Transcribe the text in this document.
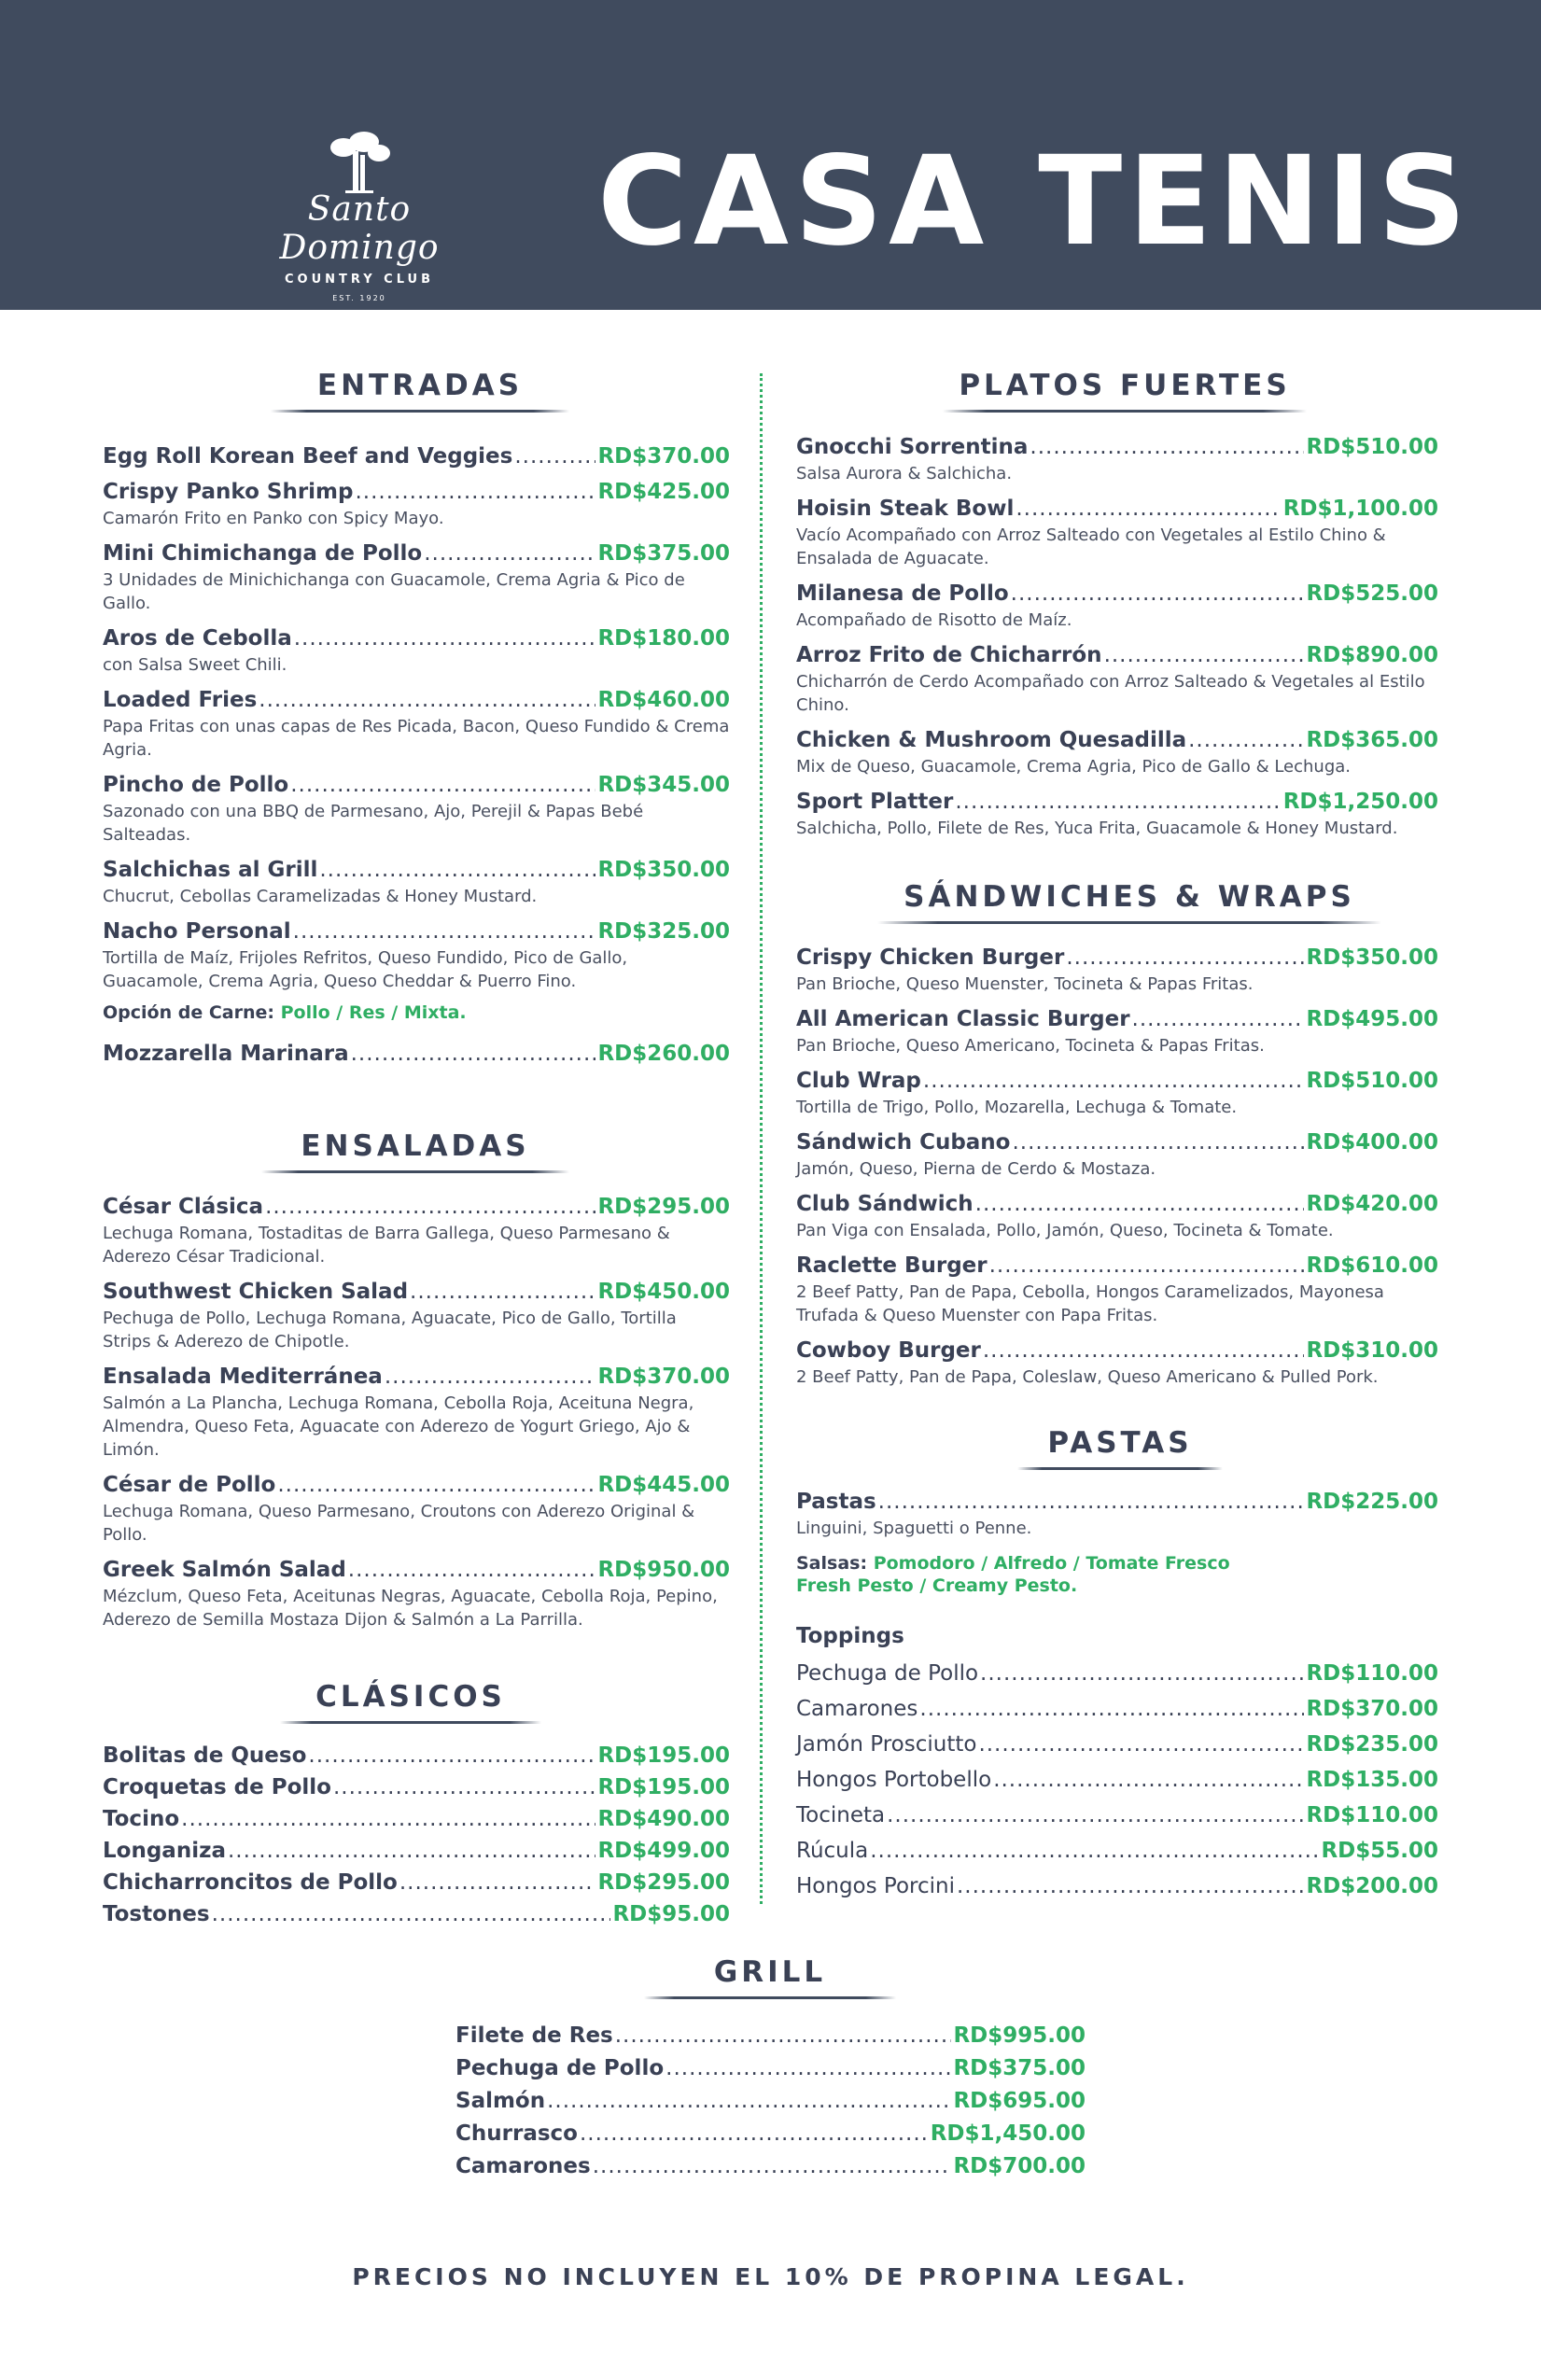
Santo Domingo
COUNTRY CLUB
EST. 1920
CASA TENIS
ENTRADAS
Egg Roll Korean Beef and Veggies .....	RD$370.00
Crispy Panko Shrimp .....	RD$425.00
Camarón Frito en Panko con Spicy Mayo.
Mini Chimichanga de Pollo .....	RD$375.00
3 Unidades de Minichichanga con Guacamole, Crema Agria & Pico de Gallo.
Aros de Cebolla .....	RD$180.00
con Salsa Sweet Chili.
Loaded Fries .....	RD$460.00
Papa Fritas con unas capas de Res Picada, Bacon, Queso Fundido & Crema Agria.
Pincho de Pollo .....	RD$345.00
Sazonado con una BBQ de Parmesano, Ajo, Perejil & Papas Bebé Salteadas.
Salchichas al Grill .....	RD$350.00
Chucrut, Cebollas Caramelizadas & Honey Mustard.
Nacho Personal .....	RD$325.00
Tortilla de Maíz, Frijoles Refritos, Queso Fundido, Pico de Gallo, Guacamole, Crema Agria, Queso Cheddar & Puerro Fino.
Opción de Carne: Pollo / Res / Mixta.
Mozzarella Marinara .....	RD$260.00
ENSALADAS
César Clásica .....	RD$295.00
Lechuga Romana, Tostaditas de Barra Gallega, Queso Parmesano & Aderezo César Tradicional.
Southwest Chicken Salad .....	RD$450.00
Pechuga de Pollo, Lechuga Romana, Aguacate, Pico de Gallo, Tortilla Strips & Aderezo de Chipotle.
Ensalada Mediterránea .....	RD$370.00
Salmón a La Plancha, Lechuga Romana, Cebolla Roja, Aceituna Negra, Almendra, Queso Feta, Aguacate con Aderezo de Yogurt Griego, Ajo & Limón.
César de Pollo .....	RD$445.00
Lechuga Romana, Queso Parmesano, Croutons con Aderezo Original & Pollo.
Greek Salmón Salad .....	RD$950.00
Mézclum, Queso Feta, Aceitunas Negras, Aguacate, Cebolla Roja, Pepino, Aderezo de Semilla Mostaza Dijon & Salmón a La Parrilla.
CLÁSICOS
Bolitas de Queso .....	RD$195.00
Croquetas de Pollo .....	RD$195.00
Tocino .....	RD$490.00
Longaniza .....	RD$499.00
Chicharroncitos de Pollo .....	RD$295.00
Tostones .....	RD$95.00
PLATOS FUERTES
Gnocchi Sorrentina .....	RD$510.00
Salsa Aurora & Salchicha.
Hoisin Steak Bowl .....	RD$1,100.00
Vacío Acompañado con Arroz Salteado con Vegetales al Estilo Chino & Ensalada de Aguacate.
Milanesa de Pollo .....	RD$525.00
Acompañado de Risotto de Maíz.
Arroz Frito de Chicharrón .....	RD$890.00
Chicharrón de Cerdo Acompañado con Arroz Salteado & Vegetales al Estilo Chino.
Chicken & Mushroom Quesadilla .....	RD$365.00
Mix de Queso, Guacamole, Crema Agria, Pico de Gallo & Lechuga.
Sport Platter .....	RD$1,250.00
Salchicha, Pollo, Filete de Res, Yuca Frita, Guacamole & Honey Mustard.
SÁNDWICHES & WRAPS
Crispy Chicken Burger .....	RD$350.00
Pan Brioche, Queso Muenster, Tocineta & Papas Fritas.
All American Classic Burger .....	RD$495.00
Pan Brioche, Queso Americano, Tocineta & Papas Fritas.
Club Wrap .....	RD$510.00
Tortilla de Trigo, Pollo, Mozarella, Lechuga & Tomate.
Sándwich Cubano .....	RD$400.00
Jamón, Queso, Pierna de Cerdo & Mostaza.
Club Sándwich .....	RD$420.00
Pan Viga con Ensalada, Pollo, Jamón, Queso, Tocineta & Tomate.
Raclette Burger .....	RD$610.00
2 Beef Patty, Pan de Papa, Cebolla, Hongos Caramelizados, Mayonesa Trufada & Queso Muenster con Papa Fritas.
Cowboy Burger .....	RD$310.00
2 Beef Patty, Pan de Papa, Coleslaw, Queso Americano & Pulled Pork.
PASTAS
Pastas .....	RD$225.00
Linguini, Spaguetti o Penne.
Salsas: Pomodoro / Alfredo / Tomate Fresco
Fresh Pesto / Creamy Pesto.
Toppings
Pechuga de Pollo .....	RD$110.00
Camarones .....	RD$370.00
Jamón Prosciutto .....	RD$235.00
Hongos Portobello .....	RD$135.00
Tocineta .....	RD$110.00
Rúcula .....	RD$55.00
Hongos Porcini .....	RD$200.00
GRILL
Filete de Res .....	RD$995.00
Pechuga de Pollo .....	RD$375.00
Salmón .....	RD$695.00
Churrasco .....	RD$1,450.00
Camarones .....	RD$700.00
PRECIOS NO INCLUYEN EL 10% DE PROPINA LEGAL.
